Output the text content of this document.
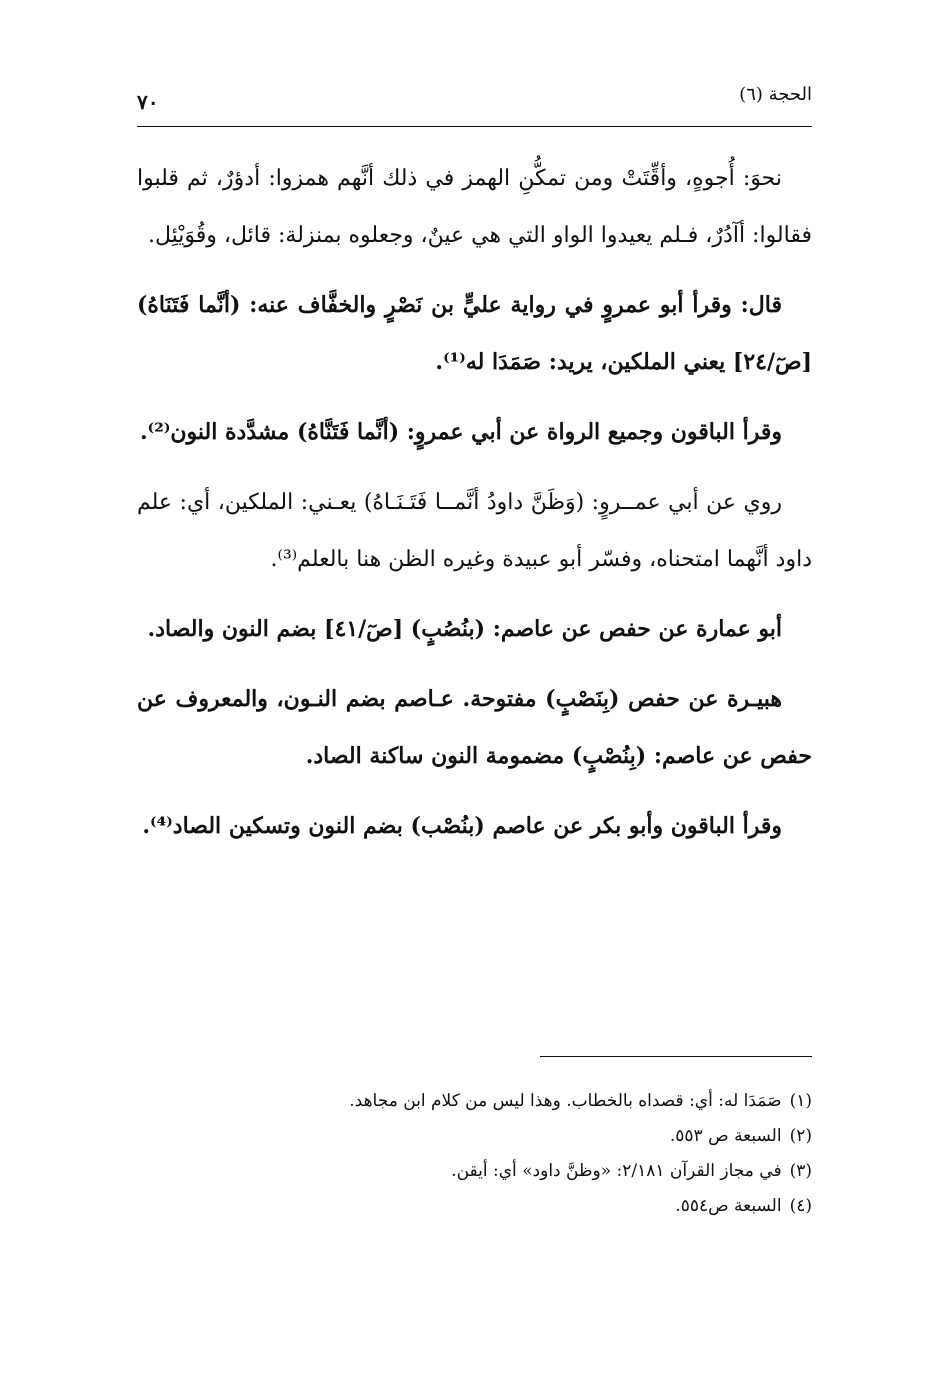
٧٠	الحجة (٦)

نحوَ: أُجوهٍ، وأقِّتَتْ ومن تمكُّنِ الهمز في ذلك أنَّهم همزوا: أدؤرٌ، ثم قلبوا فقالوا: أآدُرٌ، فـلم يعيدوا الواو التي هي عينٌ، وجعلوه بمنزلة: قائل، وقُوَيْئِل.

قال: وقرأ أبو عمروٍ في رواية عليٍّ بن نَصْرٍ والخفَّاف عنه: (أنَّما فَتَنَاهُ) [صٓ/٢٤] يعني الملكين، يريد: صَمَدَا له⁽¹⁾.

وقرأ الباقون وجميع الرواة عن أبي عمروٍ: (أنَّما فَتَنَّاهُ) مشدَّدة النون⁽²⁾.

روي عن أبي عمــروٍ: (وَظَنَّ داودُ أنَّمــا فَتَـنَـاهُ) يعـني: الملكين، أي: علم داود أنَّهما امتحناه، وفسّر أبو عبيدة وغيره الظن هنا بالعلم⁽³⁾.

أبو عمارة عن حفص عن عاصم: (بنُصُبٍ) [صٓ/٤١] بضم النون والصاد.

هبيـرة عن حفص (بِنَصْبٍ) مفتوحة. عـاصم بضم النـون، والمعروف عن حفص عن عاصم: (بِنُصْبٍ) مضمومة النون ساكنة الصاد.

وقرأ الباقون وأبو بكر عن عاصم (بنُصْب) بضم النون وتسكين الصاد⁽⁴⁾.

(١)صَمَدَا له: أي: قصداه بالخطاب. وهذا ليس من كلام ابن مجاهد.

(٢)السبعة ص ٥٥٣.

(٣)في مجاز القرآن ٢/١٨١: «وظنَّ داود» أي: أيقن.

(٤)السبعة ص٥٥٤.
